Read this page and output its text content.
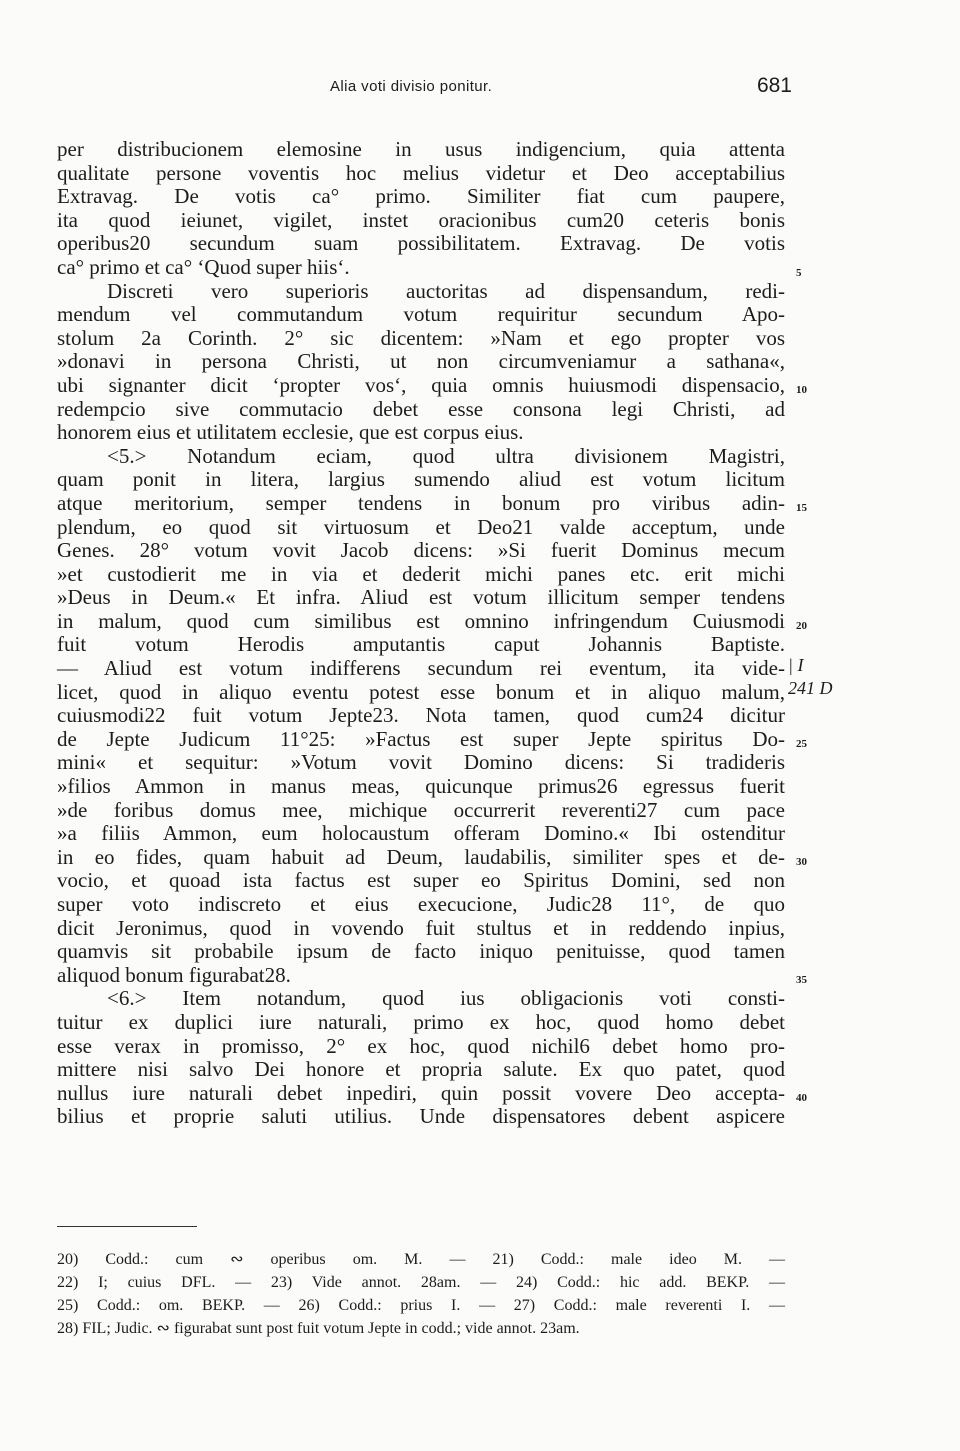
Alia voti divisio ponitur.	681
per distribucionem elemosine in usus indigencium, quia attenta
qualitate persone voventis hoc melius videtur et Deo acceptabilius
Extravag. De votis ca° primo. Similiter fiat cum paupere,
ita quod ieiunet, vigilet, instet oracionibus cum20 ceteris bonis
operibus20 secundum suam possibilitatem. Extravag. De votis
ca° primo et ca° ‘Quod super hiis‘.
Discreti vero superioris auctoritas ad dispensandum, redi-
mendum vel commutandum votum requiritur secundum Apo-
stolum 2a Corinth. 2° sic dicentem: »Nam et ego propter vos
»donavi in persona Christi, ut non circumveniamur a sathana«,
ubi signanter dicit ‘propter vos‘, quia omnis huiusmodi dispensacio,
redempcio sive commutacio debet esse consona legi Christi, ad
honorem eius et utilitatem ecclesie, que est corpus eius.
<5.> Notandum eciam, quod ultra divisionem Magistri,
quam ponit in litera, largius sumendo aliud est votum licitum
atque meritorium, semper tendens in bonum pro viribus adin-
plendum, eo quod sit virtuosum et Deo21 valde acceptum, unde
Genes. 28° votum vovit Jacob dicens: »Si fuerit Dominus mecum
»et custodierit me in via et dederit michi panes etc. erit michi
»Deus in Deum.« Et infra. Aliud est votum illicitum semper tendens
in malum, quod cum similibus est omnino infringendum Cuiusmodi
fuit votum Herodis amputantis caput Johannis Baptiste.
— Aliud est votum indifferens secundum rei eventum, ita vide-
licet, quod in aliquo eventu potest esse bonum et in aliquo malum,
cuiusmodi22 fuit votum Jepte23. Nota tamen, quod cum24 dicitur
de Jepte Judicum 11°25: »Factus est super Jepte spiritus Do-
mini« et sequitur: »Votum vovit Domino dicens: Si tradideris
»filios Ammon in manus meas, quicunque primus26 egressus fuerit
»de foribus domus mee, michique occurrerit reverenti27 cum pace
»a filiis Ammon, eum holocaustum offeram Domino.« Ibi ostenditur
in eo fides, quam habuit ad Deum, laudabilis, similiter spes et de-
vocio, et quoad ista factus est super eo Spiritus Domini, sed non
super voto indiscreto et eius execucione, Judic28 11°, de quo
dicit Jeronimus, quod in vovendo fuit stultus et in reddendo inpius,
quamvis sit probabile ipsum de facto iniquo penituisse, quod tamen
aliquod bonum figurabat28.
<6.> Item notandum, quod ius obligacionis voti consti-
tuitur ex duplici iure naturali, primo ex hoc, quod homo debet
esse verax in promisso, 2° ex hoc, quod nichil6 debet homo pro-
mittere nisi salvo Dei honore et propria salute. Ex quo patet, quod
nullus iure naturali debet inpediri, quin possit vovere Deo accepta-
bilius et proprie saluti utilius. Unde dispensatores debent aspicere
5
10
15
20
25
30
35
40
| I
241 D
20) Codd.: cum ∾ operibus om. M. — 21) Codd.: male ideo M. —
22) I; cuius DFL. — 23) Vide annot. 28am. — 24) Codd.: hic add. BEKP. —
25) Codd.: om. BEKP. — 26) Codd.: prius I. — 27) Codd.: male reverenti I. —
28) FIL; Judic. ∾ figurabat sunt post fuit votum Jepte in codd.; vide annot. 23am.
